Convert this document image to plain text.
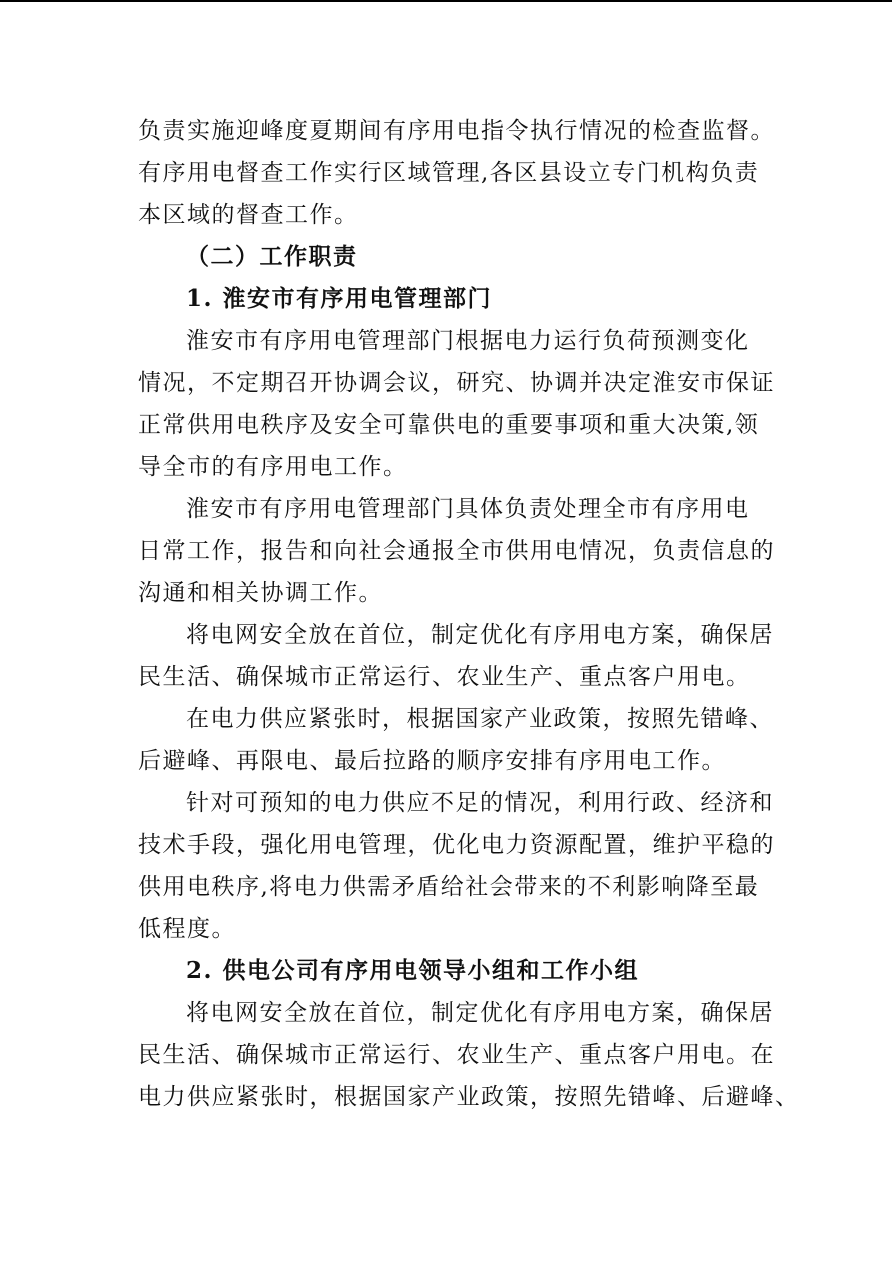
负责实施迎峰度夏期间有序用电指令执行情况的检查监督。
有序用电督查工作实行区域管理,各区县设立专门机构负责
本区域的督查工作。

（二）工作职责

1. 淮安市有序用电管理部门

淮安市有序用电管理部门根据电力运行负荷预测变化
情况，不定期召开协调会议，研究、协调并决定淮安市保证
正常供用电秩序及安全可靠供电的重要事项和重大决策,领
导全市的有序用电工作。

淮安市有序用电管理部门具体负责处理全市有序用电
日常工作，报告和向社会通报全市供用电情况，负责信息的
沟通和相关协调工作。

将电网安全放在首位，制定优化有序用电方案，确保居
民生活、确保城市正常运行、农业生产、重点客户用电。

在电力供应紧张时，根据国家产业政策，按照先错峰、
后避峰、再限电、最后拉路的顺序安排有序用电工作。

针对可预知的电力供应不足的情况，利用行政、经济和
技术手段，强化用电管理，优化电力资源配置，维护平稳的
供用电秩序,将电力供需矛盾给社会带来的不利影响降至最
低程度。

2. 供电公司有序用电领导小组和工作小组

将电网安全放在首位，制定优化有序用电方案，确保居
民生活、确保城市正常运行、农业生产、重点客户用电。在
电力供应紧张时，根据国家产业政策，按照先错峰、后避峰、
